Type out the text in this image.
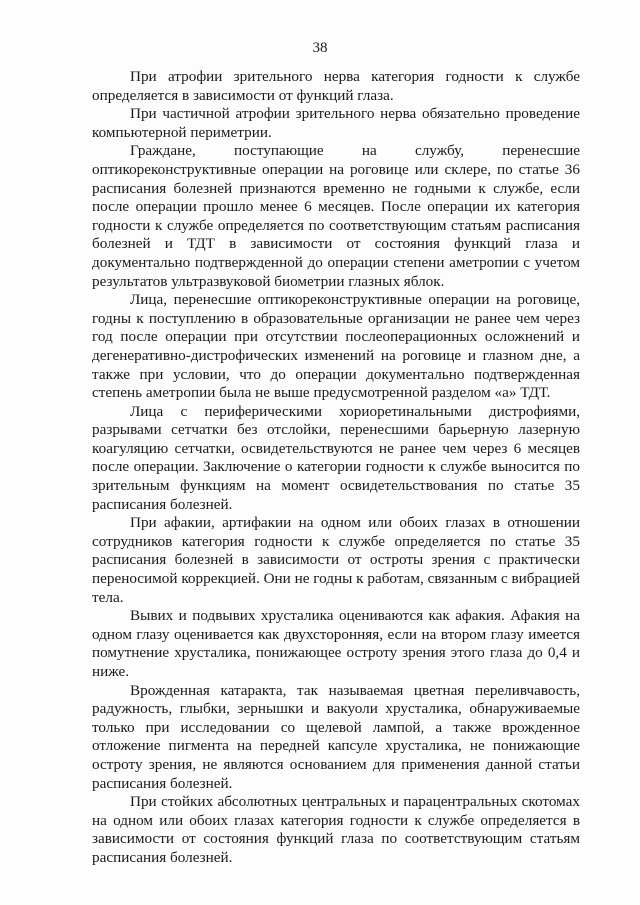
38

При атрофии зрительного нерва категория годности к службе определяется в зависимости от функций глаза.

При частичной атрофии зрительного нерва обязательно проведение компьютерной периметрии.

Граждане, поступающие на службу, перенесшие оптикореконструктивные операции на роговице или склере, по статье 36 расписания болезней признаются временно не годными к службе, если после операции прошло менее 6 месяцев. После операции их категория годности к службе определяется по соответствующим статьям расписания болезней и ТДТ в зависимости от состояния функций глаза и документально подтвержденной до операции степени аметропии с учетом результатов ультразвуковой биометрии глазных яблок.

Лица, перенесшие оптикореконструктивные операции на роговице, годны к поступлению в образовательные организации не ранее чем через год после операции при отсутствии послеоперационных осложнений и дегенеративно-дистрофических изменений на роговице и глазном дне, а также при условии, что до операции документально подтвержденная степень аметропии была не выше предусмотренной разделом «а» ТДТ.

Лица с периферическими хориоретинальными дистрофиями, разрывами сетчатки без отслойки, перенесшими барьерную лазерную коагуляцию сетчатки, освидетельствуются не ранее чем через 6 месяцев после операции. Заключение о категории годности к службе выносится по зрительным функциям на момент освидетельствования по статье 35 расписания болезней.

При афакии, артифакии на одном или обоих глазах в отношении сотрудников категория годности к службе определяется по статье 35 расписания болезней в зависимости от остроты зрения с практически переносимой коррекцией. Они не годны к работам, связанным с вибрацией тела.

Вывих и подвывих хрусталика оцениваются как афакия. Афакия на одном глазу оценивается как двухсторонняя, если на втором глазу имеется помутнение хрусталика, понижающее остроту зрения этого глаза до 0,4 и ниже.

Врожденная катаракта, так называемая цветная переливчавость, радужность, глыбки, зернышки и вакуоли хрусталика, обнаруживаемые только при исследовании со щелевой лампой, а также врожденное отложение пигмента на передней капсуле хрусталика, не понижающие остроту зрения, не являются основанием для применения данной статьи расписания болезней.

При стойких абсолютных центральных и парацентральных скотомах на одном или обоих глазах категория годности к службе определяется в зависимости от состояния функций глаза по соответствующим статьям расписания болезней.
